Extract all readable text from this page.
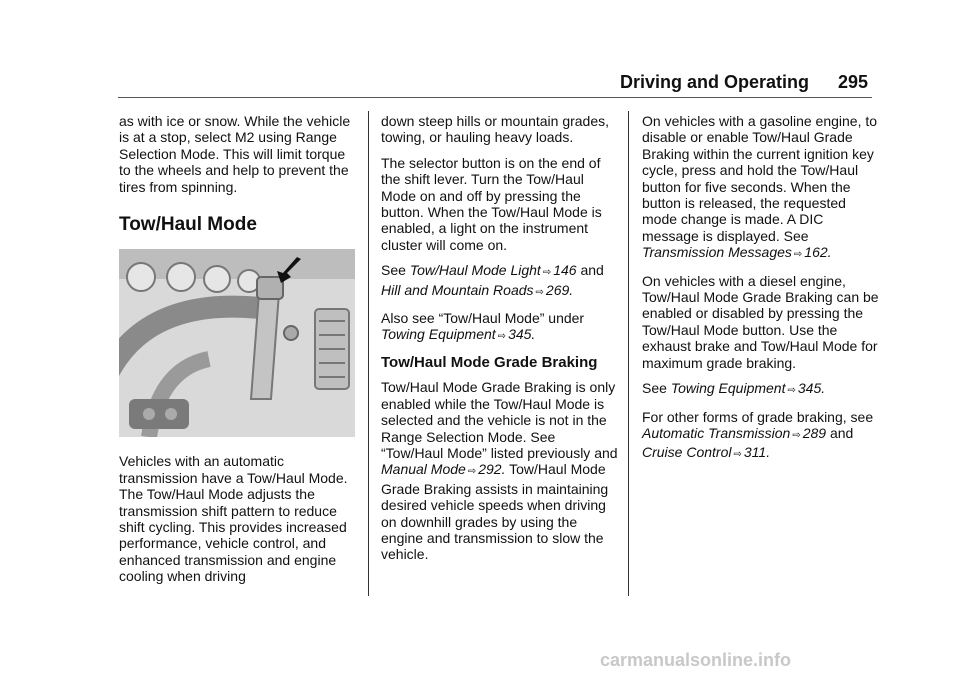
Driving and Operating 295

as with ice or snow. While the vehicle is at a stop, select M2 using Range Selection Mode. This will limit torque to the wheels and help to prevent the tires from spinning.

Tow/Haul Mode

Vehicles with an automatic transmission have a Tow/Haul Mode. The Tow/Haul Mode adjusts the transmission shift pattern to reduce shift cycling. This provides increased performance, vehicle control, and enhanced transmission and engine cooling when driving

down steep hills or mountain grades, towing, or hauling heavy loads.

The selector button is on the end of the shift lever. Turn the Tow/Haul Mode on and off by pressing the button. When the Tow/Haul Mode is enabled, a light on the instrument cluster will come on.

See Tow/Haul Mode Light ⇨ 146 and Hill and Mountain Roads ⇨ 269.

Also see “Tow/Haul Mode” under Towing Equipment ⇨ 345.

Tow/Haul Mode Grade Braking

Tow/Haul Mode Grade Braking is only enabled while the Tow/Haul Mode is selected and the vehicle is not in the Range Selection Mode. See “Tow/Haul Mode” listed previously and Manual Mode ⇨ 292. Tow/Haul Mode Grade Braking assists in maintaining desired vehicle speeds when driving on downhill grades by using the engine and transmission to slow the vehicle.

On vehicles with a gasoline engine, to disable or enable Tow/Haul Grade Braking within the current ignition key cycle, press and hold the Tow/Haul button for five seconds. When the button is released, the requested mode change is made. A DIC message is displayed. See Transmission Messages ⇨ 162.

On vehicles with a diesel engine, Tow/Haul Mode Grade Braking can be enabled or disabled by pressing the Tow/Haul Mode button. Use the exhaust brake and Tow/Haul Mode for maximum grade braking.

See Towing Equipment ⇨ 345.

For other forms of grade braking, see Automatic Transmission ⇨ 289 and Cruise Control ⇨ 311.

carmanualsonline.info
